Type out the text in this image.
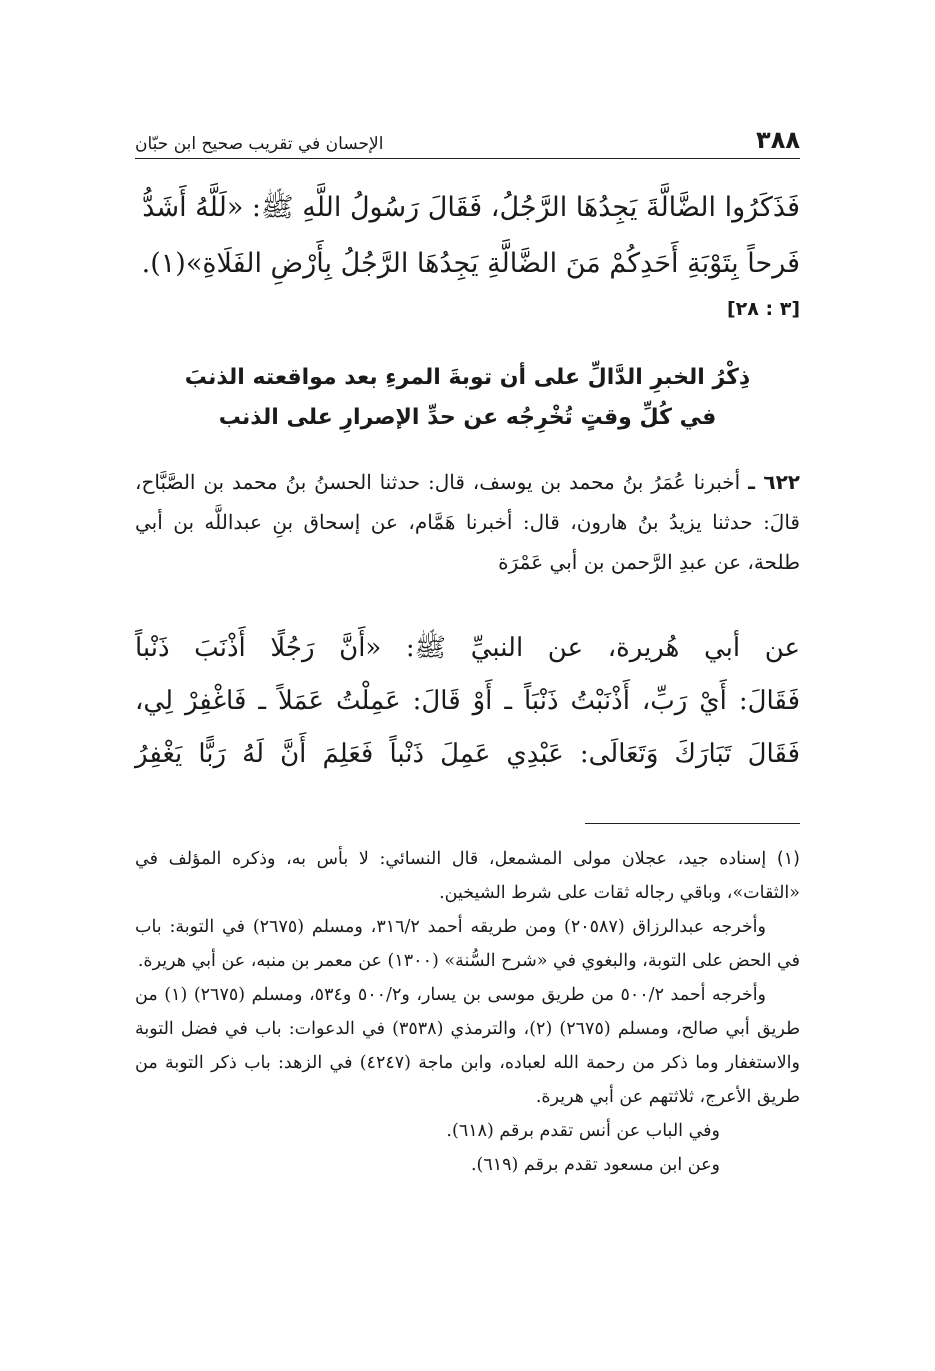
٣٨٨
الإحسان في تقريب صحيح ابن حبّان
فَذَكَرُوا الضَّالَّةَ يَجِدُهَا الرَّجُلُ، فَقَالَ رَسُولُ اللَّهِ ﷺ: «لَلَّهُ أَشَدُّ
فَرحاً بِتَوْبَةِ أَحَدِكُمْ مَنَ الضَّالَّةِ يَجِدُهَا الرَّجُلُ بِأَرْضِ الفَلَاةِ»(١).
[٣ : ٢٨]
ذِكْرُ الخبرِ الدَّالِّ على أن توبةَ المرءِ بعد مواقعته الذنبَ
في كُلِّ وقتٍ تُخْرِجُه عن حدِّ الإصرارِ على الذنب
٦٢٢ ـ أخبرنا عُمَرُ بنُ محمد بن يوسف، قال: حدثنا الحسنُ بنُ محمد بن الصَّبَّاح، قالَ: حدثنا يزيدُ بنُ هارون، قال: أخبرنا هَمَّام، عن إسحاق بنِ عبداللَّه بن أبي طلحة، عن عبدِ الرَّحمن بن أبي عَمْرَة

عن أبي هُريرة، عن النبيِّ ﷺ: «أَنَّ رَجُلًا أَذْنَبَ ذَنْباً

فَقَالَ: أَيْ رَبِّ، أَذْنَبْتُ ذَنْبَاً ـ أَوْ قَالَ: عَمِلْتُ عَمَلاً ـ فَاغْفِرْ لِي،

فَقَالَ تَبَارَكَ وَتَعَالَى: عَبْدِي عَمِلَ ذَنْباً فَعَلِمَ أَنَّ لَهُ رَبًّا يَغْفِرُ

(١) إسناده جيد، عجلان مولى المشمعل، قال النسائي: لا بأس به، وذكره المؤلف في «الثقات»، وباقي رجاله ثقات على شرط الشيخين.

وأخرجه عبدالرزاق (٢٠٥٨٧) ومن طريقه أحمد ٣١٦/٢، ومسلم (٢٦٧٥) في التوبة: باب في الحض على التوبة، والبغوي في «شرح السُّنة» (١٣٠٠) عن معمر بن منبه، عن أبي هريرة.

وأخرجه أحمد ٥٠٠/٢ من طريق موسى بن يسار، و٥٠٠/٢ و٥٣٤، ومسلم (٢٦٧٥) (١) من طريق أبي صالح، ومسلم (٢٦٧٥) (٢)، والترمذي (٣٥٣٨) في الدعوات: باب في فضل التوبة والاستغفار وما ذكر من رحمة الله لعباده، وابن ماجة (٤٢٤٧) في الزهد: باب ذكر التوبة من طريق الأعرج، ثلاثتهم عن أبي هريرة.

وفي الباب عن أنس تقدم برقم (٦١٨).

وعن ابن مسعود تقدم برقم (٦١٩).
